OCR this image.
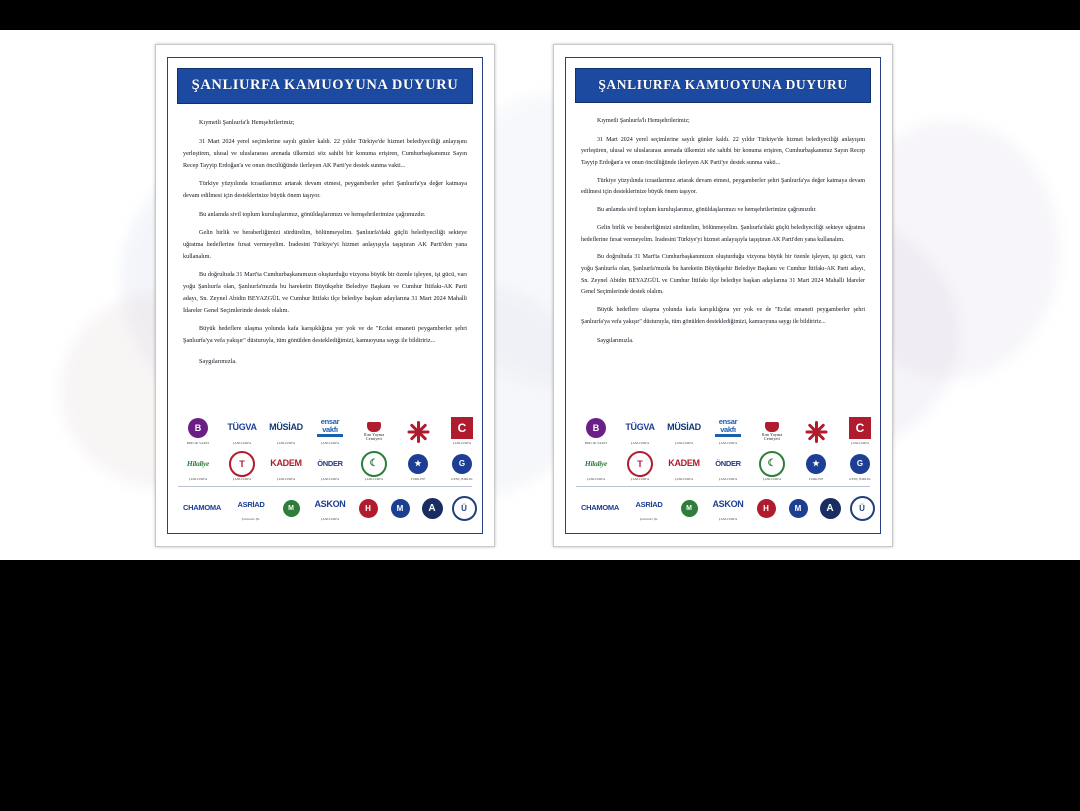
ŞANLIURFA KAMUOYUNA DUYURU

Kıymetli Şanlıurfa'lı Hemşehrilerimiz;

31 Mart 2024 yerel seçimlerine sayılı günler kaldı. 22 yıldır Türkiye'de hizmet belediyeciliği anlayışını yerleştiren, ulusal ve uluslararası arenada ülkemizi söz sahibi bir konuma erişiren, Cumhurbaşkanımız Sayın Recep Tayyip Erdoğan'a ve onun öncülüğünde ilerleyen AK Parti'ye destek sunma vakti...

Türkiye yüzyılında icraatlarımız artarak devam etmesi, peygamberler şehri Şanlıurfa'ya değer katmaya devam edilmesi için desteklerinize büyük önem taşıyor.

Bu anlamda sivil toplum kuruluşlarımız, gönüldaşlarımızı ve hemşehrilerimize çağrımızdır.

Gelin birlik ve beraberliğimizi sürdürelim, bölünmeyelim. Şanlıurfa'daki güçlü belediyeciliği sekteye uğratma hedeflerine fırsat vermeyelim. İradesini Türkiye'yi hizmet anlayışıyla taşıştıran AK Parti'den yana kullanalım.

Bu doğrultuda 31 Mart'ta Cumhurbaşkanımızın oluşturduğu vizyona büyük bir özenle işleyen, işi gücü, varı yoğu Şanlıurfa olan, Şanlıurfa'mızda bu hareketin Büyükşehir Belediye Başkanı ve Cumhur İttifakı-AK Parti adayı, Sn. Zeynel Abidin BEYAZGÜL ve Cumhur İttifakı ilçe belediye başkan adaylarına 31 Mart 2024 Mahalli İdareler Genel Seçimlerinde destek olalım.

Büyük hedeflere ulaşma yolunda kafa karışıklığına yer yok ve de "Ecdat emaneti peygamberler şehri Şanlıurfa'ya vefa yakışır" düsturuyla, tüm gönülden desteklediğimizi, kamuoyuna saygı ile bildiririz...

Saygılarımızla.

B
BİRLİK VAKFI
TÜGVA
ŞANLIURFA
MÜSİAD
ŞANLIURFA
ensar
vakfı
ŞANLIURFA
İlim Yayma
Cemiyeti
C
ŞANLIURFA
Hilaliye
ŞANLIURFA
T
ŞANLIURFA
KADEM
ŞANLIURFA
ÖNDER
ŞANLIURFA
☾
ŞANLIURFA
★
TÜRKİYE
G
GENÇ BİRLİK
CHAMOMA ASRİAD
Şanlıurfa Şb.
M	ASKON
ŞANLIURFA
H	M	A	Ü
ŞANLIURFA KAMUOYUNA DUYURU

Kıymetli Şanlıurfa'lı Hemşehrilerimiz;

31 Mart 2024 yerel seçimlerine sayılı günler kaldı. 22 yıldır Türkiye'de hizmet belediyeciliği anlayışını yerleştiren, ulusal ve uluslararası arenada ülkemizi söz sahibi bir konuma erişiren, Cumhurbaşkanımız Sayın Recep Tayyip Erdoğan'a ve onun öncülüğünde ilerleyen AK Parti'ye destek sunma vakti...

Türkiye yüzyılında icraatlarımız artarak devam etmesi, peygamberler şehri Şanlıurfa'ya değer katmaya devam edilmesi için desteklerinize büyük önem taşıyor.

Bu anlamda sivil toplum kuruluşlarımız, gönüldaşlarımızı ve hemşehrilerimize çağrımızdır.

Gelin birlik ve beraberliğimizi sürdürelim, bölünmeyelim. Şanlıurfa'daki güçlü belediyeciliği sekteye uğratma hedeflerine fırsat vermeyelim. İradesini Türkiye'yi hizmet anlayışıyla taşıştıran AK Parti'den yana kullanalım.

Bu doğrultuda 31 Mart'ta Cumhurbaşkanımızın oluşturduğu vizyona büyük bir özenle işleyen, işi gücü, varı yoğu Şanlıurfa olan, Şanlıurfa'mızda bu hareketin Büyükşehir Belediye Başkanı ve Cumhur İttifakı-AK Parti adayı, Sn. Zeynel Abidin BEYAZGÜL ve Cumhur İttifakı ilçe belediye başkan adaylarına 31 Mart 2024 Mahalli İdareler Genel Seçimlerinde destek olalım.

Büyük hedeflere ulaşma yolunda kafa karışıklığına yer yok ve de "Ecdat emaneti peygamberler şehri Şanlıurfa'ya vefa yakışır" düsturuyla, tüm gönülden desteklediğimizi, kamuoyuna saygı ile bildiririz...

Saygılarımızla.

B
BİRLİK VAKFI
TÜGVA
ŞANLIURFA
MÜSİAD
ŞANLIURFA
ensar
vakfı
ŞANLIURFA
İlim Yayma
Cemiyeti
C
ŞANLIURFA
Hilaliye
ŞANLIURFA
T
ŞANLIURFA
KADEM
ŞANLIURFA
ÖNDER
ŞANLIURFA
☾
ŞANLIURFA
★
TÜRKİYE
G
GENÇ BİRLİK
CHAMOMA ASRİAD
Şanlıurfa Şb.
M	ASKON
ŞANLIURFA
H	M	A	Ü
